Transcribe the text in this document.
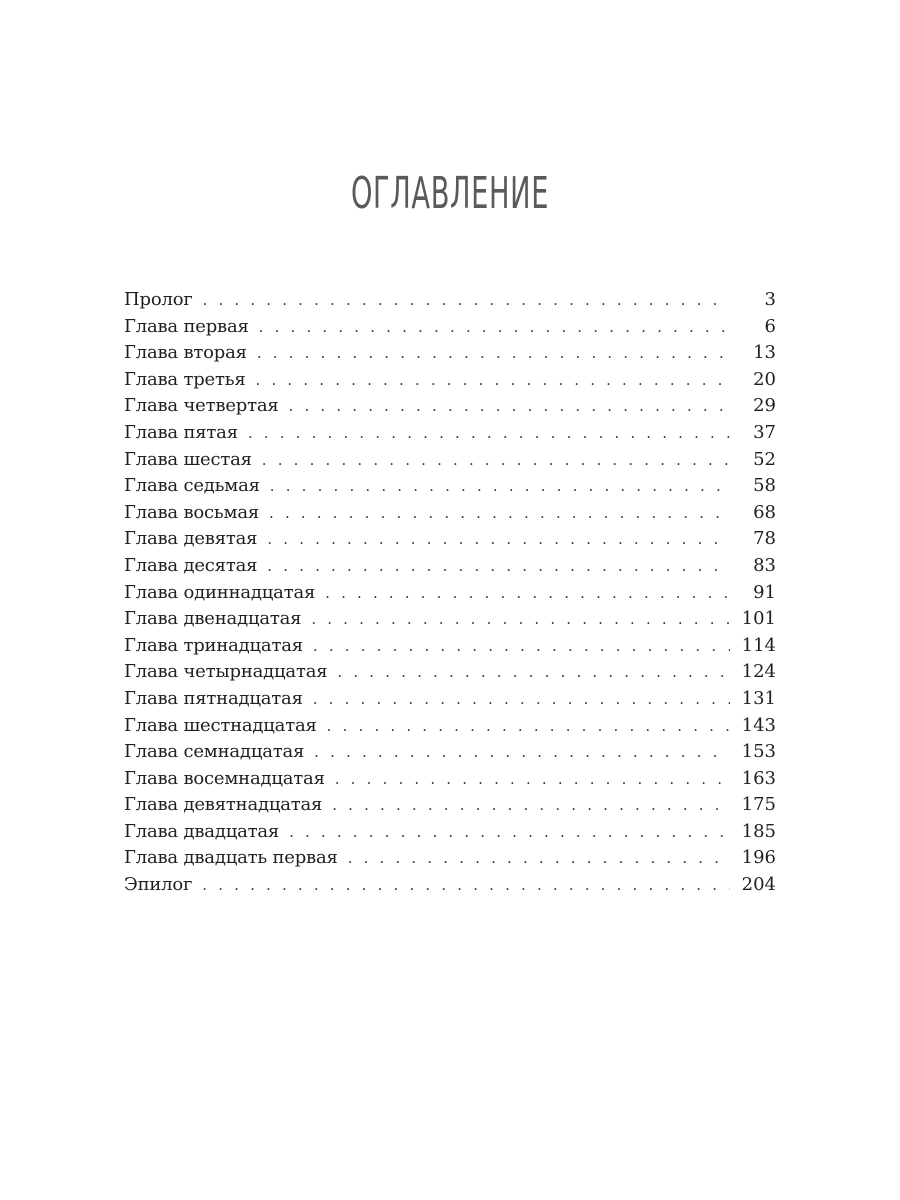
ОГЛАВЛЕНИЕ
Пролог . . .	3
Глава первая . . .	6
Глава вторая . . .	13
Глава третья . . .	20
Глава четвертая . . .	29
Глава пятая . . .	37
Глава шестая . . .	52
Глава седьмая . . .	58
Глава восьмая . . .	68
Глава девятая . . .	78
Глава десятая . . .	83
Глава одиннадцатая . . .	91
Глава двенадцатая . . .	101
Глава тринадцатая . . .	114
Глава четырнадцатая . . .	124
Глава пятнадцатая . . .	131
Глава шестнадцатая . . .	143
Глава семнадцатая . . .	153
Глава восемнадцатая . . .	163
Глава девятнадцатая . . .	175
Глава двадцатая . . .	185
Глава двадцать первая . . .	196
Эпилог . . .	204
